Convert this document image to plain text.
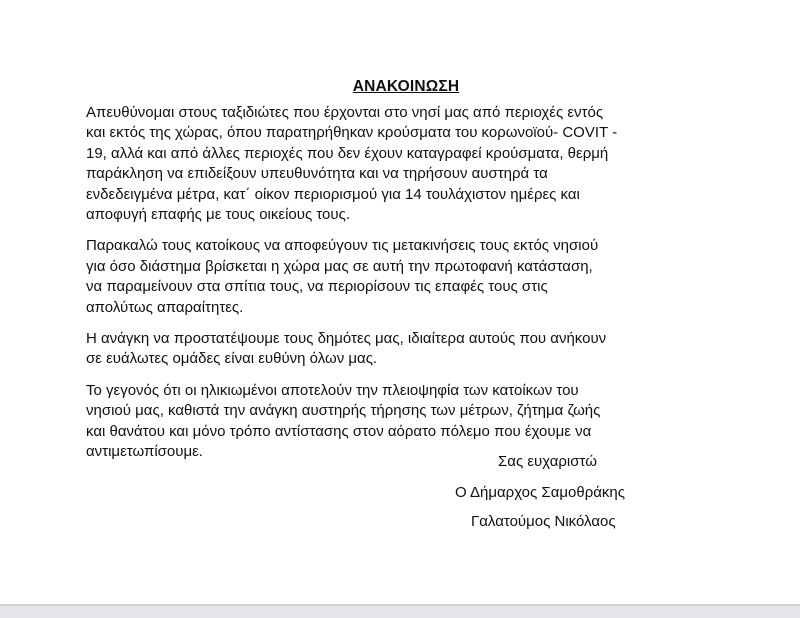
ΑΝΑΚΟΙΝΩΣΗ

Απευθύνομαι στους ταξιδιώτες που έρχονται στο νησί μας από περιοχές εντός
και εκτός της χώρας, όπου παρατηρήθηκαν κρούσματα του κορωνοϊού- COVIT -
19, αλλά και από άλλες περιοχές που δεν έχουν καταγραφεί κρούσματα, θερμή
παράκληση να επιδείξουν υπευθυνότητα και να τηρήσουν αυστηρά τα
ενδεδειγμένα μέτρα, κατ΄ οίκον περιορισμού για 14 τουλάχιστον ημέρες και
αποφυγή επαφής με τους οικείους τους.

Παρακαλώ τους κατοίκους να αποφεύγουν τις μετακινήσεις τους εκτός νησιού
για όσο διάστημα βρίσκεται η χώρα μας σε αυτή την πρωτοφανή κατάσταση,
να παραμείνουν στα σπίτια τους, να περιορίσουν τις επαφές τους στις
απολύτως απαραίτητες.

Η ανάγκη να προστατέψουμε τους δημότες μας, ιδιαίτερα αυτούς που ανήκουν
σε ευάλωτες ομάδες είναι ευθύνη όλων μας.

Το γεγονός ότι οι ηλικιωμένοι αποτελούν την πλειοψηφία των κατοίκων του
νησιού μας, καθιστά την ανάγκη αυστηρής τήρησης των μέτρων, ζήτημα ζωής
και θανάτου και μόνο τρόπο αντίστασης στον αόρατο πόλεμο που έχουμε να
αντιμετωπίσουμε.

Σας ευχαριστώ
Ο Δήμαρχος Σαμοθράκης
Γαλατούμος Νικόλαος
